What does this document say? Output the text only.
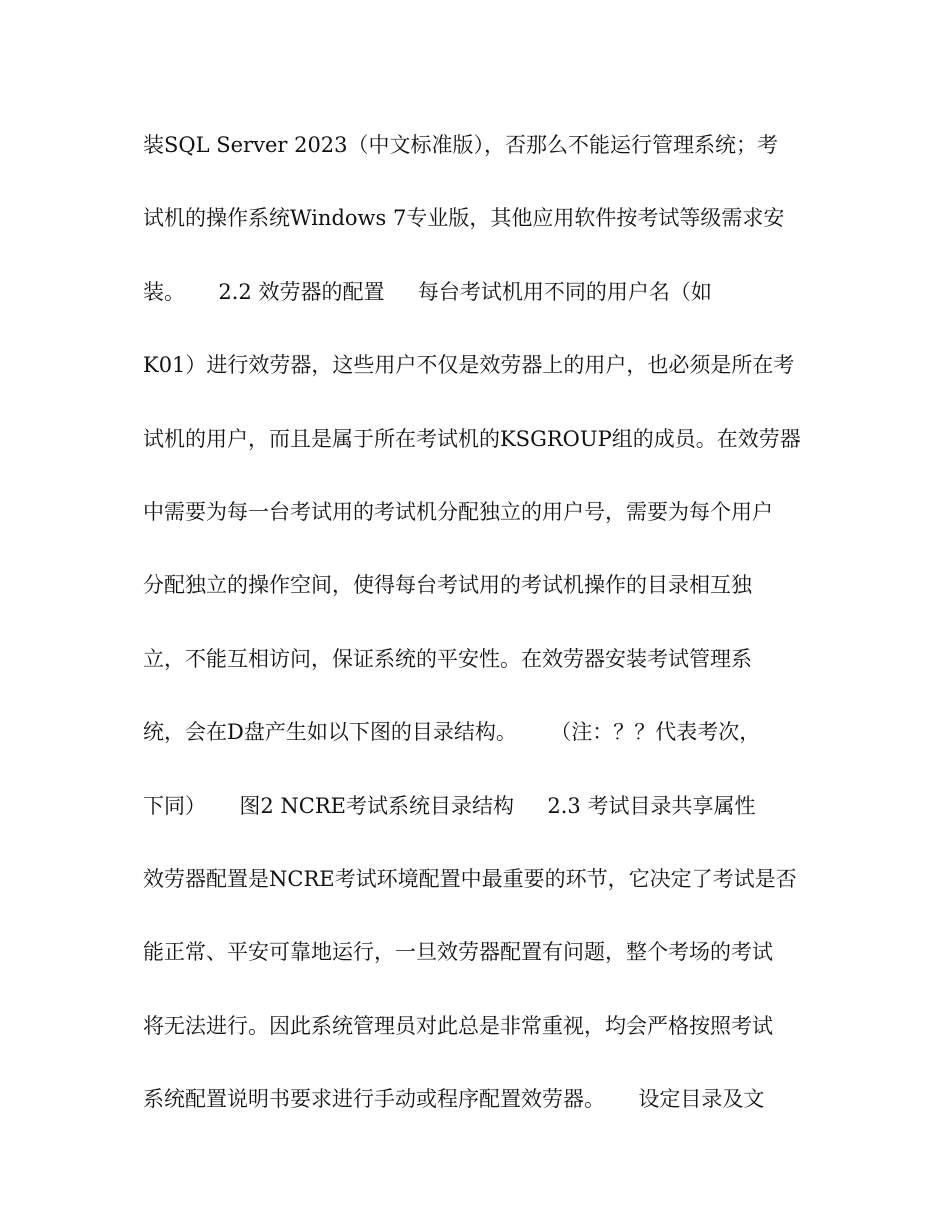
装SQL Server 2023（中文标准版），否那么不能运行管理系统；考
试机的操作系统Windows 7专业版，其他应用软件按考试等级需求安
装。     2.2 效劳器的配置     每台考试机用不同的用户名（如
K01）进行效劳器，这些用户不仅是效劳器上的用户，也必须是所在考
试机的用户，而且是属于所在考试机的KSGROUP组的成员。在效劳器
中需要为每一台考试用的考试机分配独立的用户号，需要为每个用户
分配独立的操作空间，使得每台考试用的考试机操作的目录相互独
立，不能互相访问，保证系统的平安性。在效劳器安装考试管理系
统，会在D盘产生如以下图的目录结构。     （注：？？代表考次，
下同）     图2 NCRE考试系统目录结构     2.3 考试目录共享属性
效劳器配置是NCRE考试环境配置中最重要的环节，它决定了考试是否
能正常、平安可靠地运行，一旦效劳器配置有问题，整个考场的考试
将无法进行。因此系统管理员对此总是非常重视，均会严格按照考试
系统配置说明书要求进行手动或程序配置效劳器。     设定目录及文
